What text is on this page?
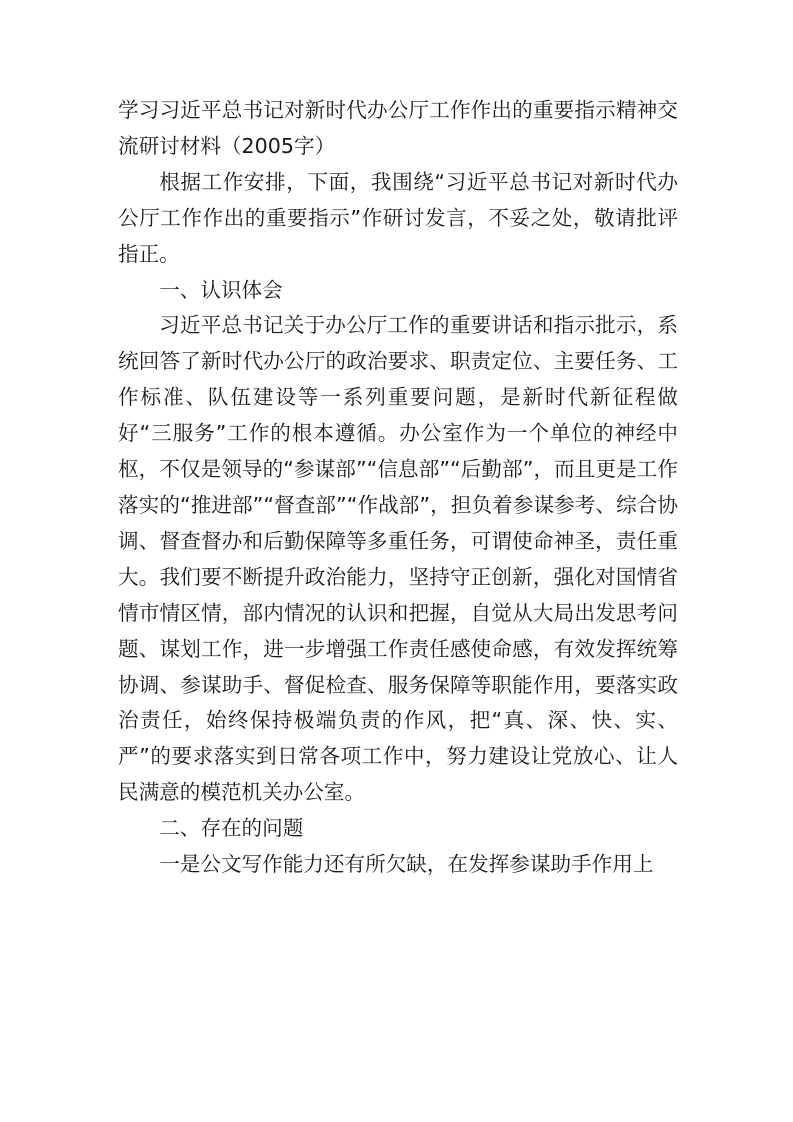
学习习近平总书记对新时代办公厅工作作出的重要指示精神交流研讨材料（2005字）

根据工作安排，下面，我围绕“习近平总书记对新时代办公厅工作作出的重要指示”作研讨发言，不妥之处，敬请批评指正。

一、认识体会

习近平总书记关于办公厅工作的重要讲话和指示批示，系统回答了新时代办公厅的政治要求、职责定位、主要任务、工作标准、队伍建设等一系列重要问题，是新时代新征程做好“三服务”工作的根本遵循。办公室作为一个单位的神经中枢，不仅是领导的“参谋部”“信息部”“后勤部”，而且更是工作落实的“推进部”“督查部”“作战部”，担负着参谋参考、综合协调、督查督办和后勤保障等多重任务，可谓使命神圣，责任重大。我们要不断提升政治能力，坚持守正创新，强化对国情省情市情区情，部内情况的认识和把握，自觉从大局出发思考问题、谋划工作，进一步增强工作责任感使命感，有效发挥统筹协调、参谋助手、督促检查、服务保障等职能作用，要落实政治责任，始终保持极端负责的作风，把“真、深、快、实、严”的要求落实到日常各项工作中，努力建设让党放心、让人民满意的模范机关办公室。

二、存在的问题

一是公文写作能力还有所欠缺，在发挥参谋助手作用上
